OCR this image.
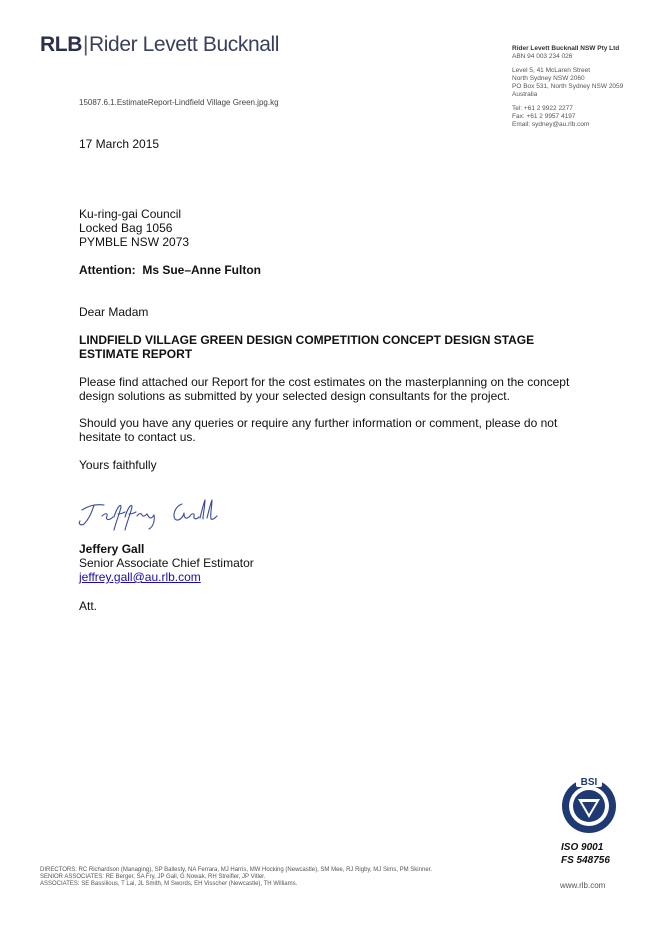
RLB|Rider Levett Bucknall	Rider Levett Bucknall NSW Pty Ltd
ABN 94 003 234 026
Level 5, 41 McLaren Street
North Sydney NSW 2060
PO Box 531, North Sydney NSW 2059
Australia
Tel: +61 2 9922 2277
Fax: +61 2 9957 4197
Email: sydney@au.rlb.com
15087.6.1.EstimateReport-Lindfield Village Green.jpg.kg
17 March 2015
Ku-ring-gai Council
Locked Bag 1056
PYMBLE NSW 2073
Attention:  Ms Sue–Anne Fulton
Dear Madam
LINDFIELD VILLAGE GREEN DESIGN COMPETITION CONCEPT DESIGN STAGE
ESTIMATE REPORT
Please find attached our Report for the cost estimates on the masterplanning on the concept
design solutions as submitted by your selected design consultants for the project.
Should you have any queries or require any further information or comment, please do not
hesitate to contact us.
Yours faithfully
Jeffery Gall
Senior Associate Chief Estimator
jeffrey.gall@au.rlb.com
Att.
BSI
ISO 9001
FS 548756
DIRECTORS: RC Richardson (Managing), SP Ballesty, NA Ferrara, MJ Harris, MW Hocking (Newcastle), SM Mee, RJ Rigby, MJ Sims, PM Skinner.
SENIOR ASSOCIATES: RE Berger, SA Fry, JP Gall, G Nowak, RH Streifler, JP Vitler.
ASSOCIATES: SE Bassilious, T Lai, JL Smith, M Swords, EH Visscher (Newcastle), TH Williams.	www.rlb.com
